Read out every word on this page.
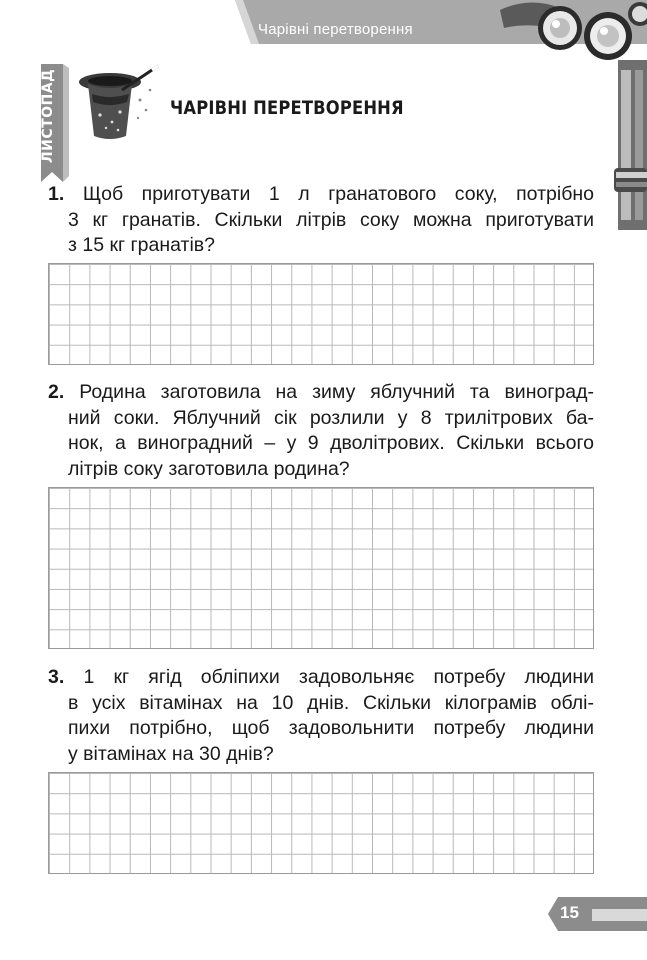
Чарівні перетворення
ЛИСТОПАД	ЧАРІВНІ ПЕРЕТВОРЕННЯ
1. Щоб приготувати 1 л гранатового соку, потрібно
3 кг гранатів. Скільки літрів соку можна приготувати
з 15 кг гранатів?
2. Родина заготовила на зиму яблучний та виноград-
ний соки. Яблучний сік розлили у 8 трилітрових ба-
нок, а виноградний – у 9 дволітрових. Скільки всього
літрів соку заготовила родина?
3. 1 кг ягід обліпихи задовольняє потребу людини
в усіх вітамінах на 10 днів. Скільки кілограмів облі-
пихи потрібно, щоб задовольнити потребу людини
у вітамінах на 30 днів?
15
